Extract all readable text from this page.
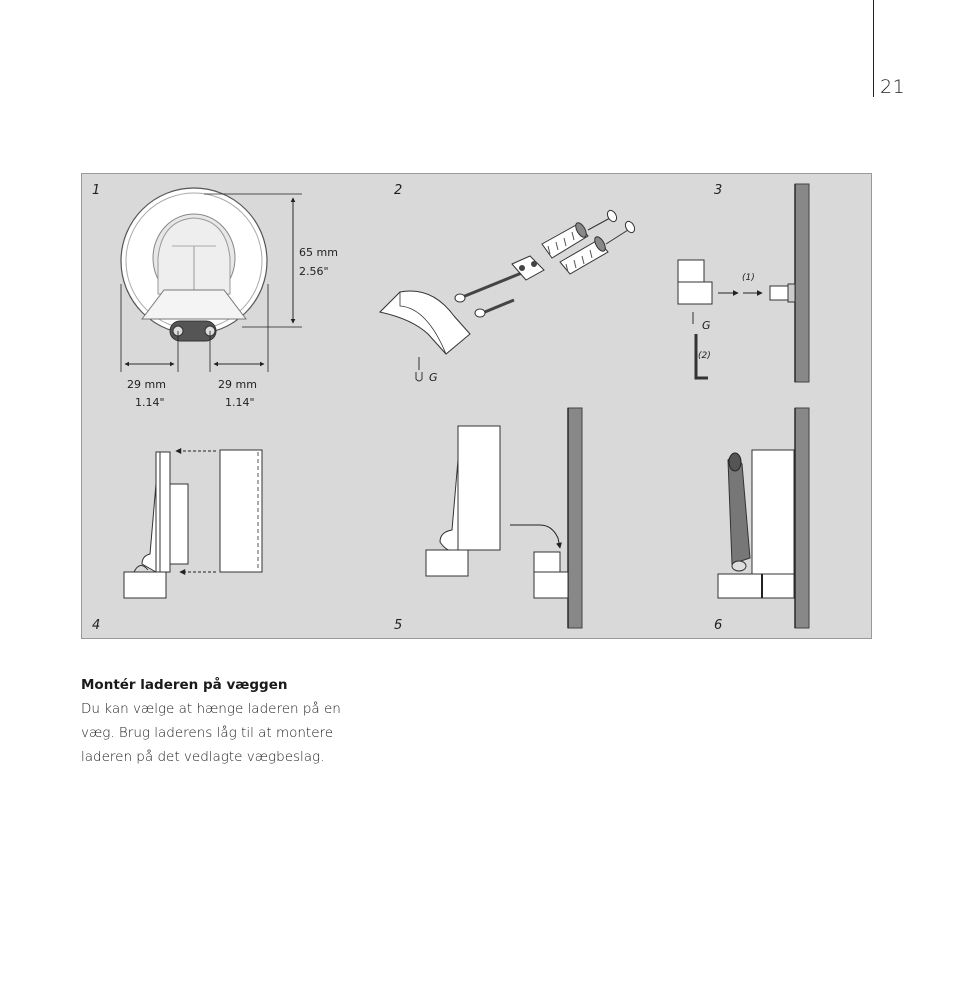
21
1	2	3
4	5	6
65 mm
2.56"
29 mm
1.14"
29 mm
1.14"
G
(1)
G
(2)
Montér laderen på væggen
Du kan vælge at hænge laderen på en væg. Brug laderens låg til at montere laderen på det vedlagte vægbeslag.
